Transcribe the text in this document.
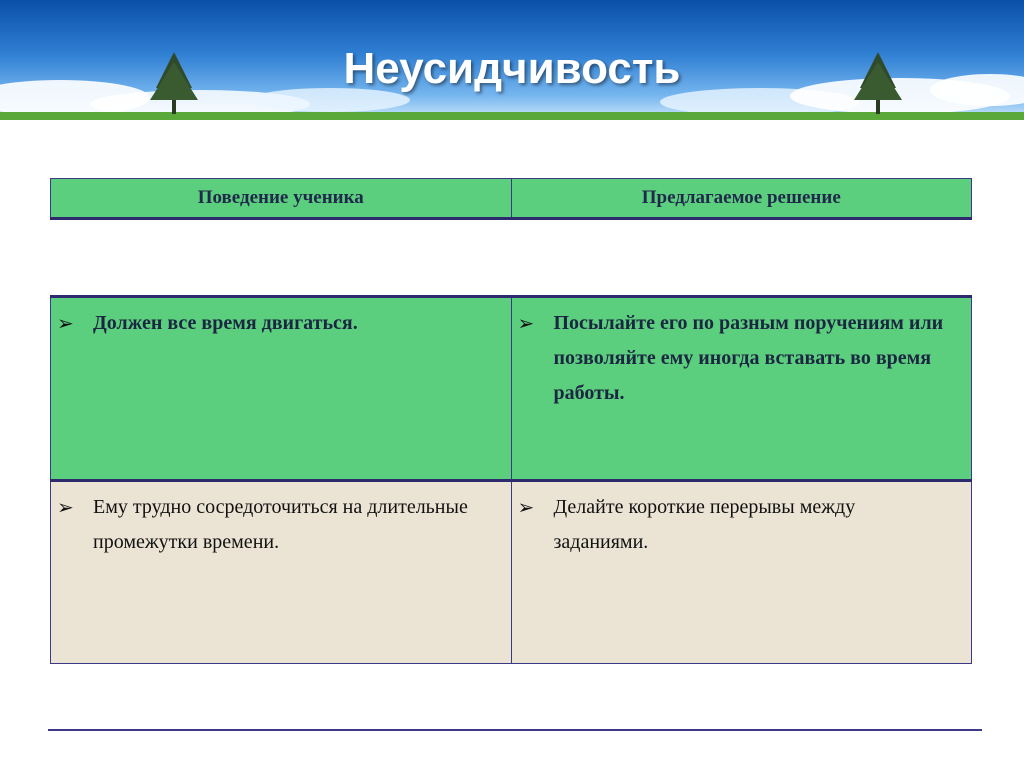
Неусидчивость
Поведение ученика	Предлагаемое решение
➢ Должен все время двигаться.	➢ Посылайте его по разным поручениям или позволяйте ему иногда вставать во время работы.

➢ Ему трудно сосредоточиться на длительные промежутки времени.	➢ Делайте короткие перерывы между заданиями.
